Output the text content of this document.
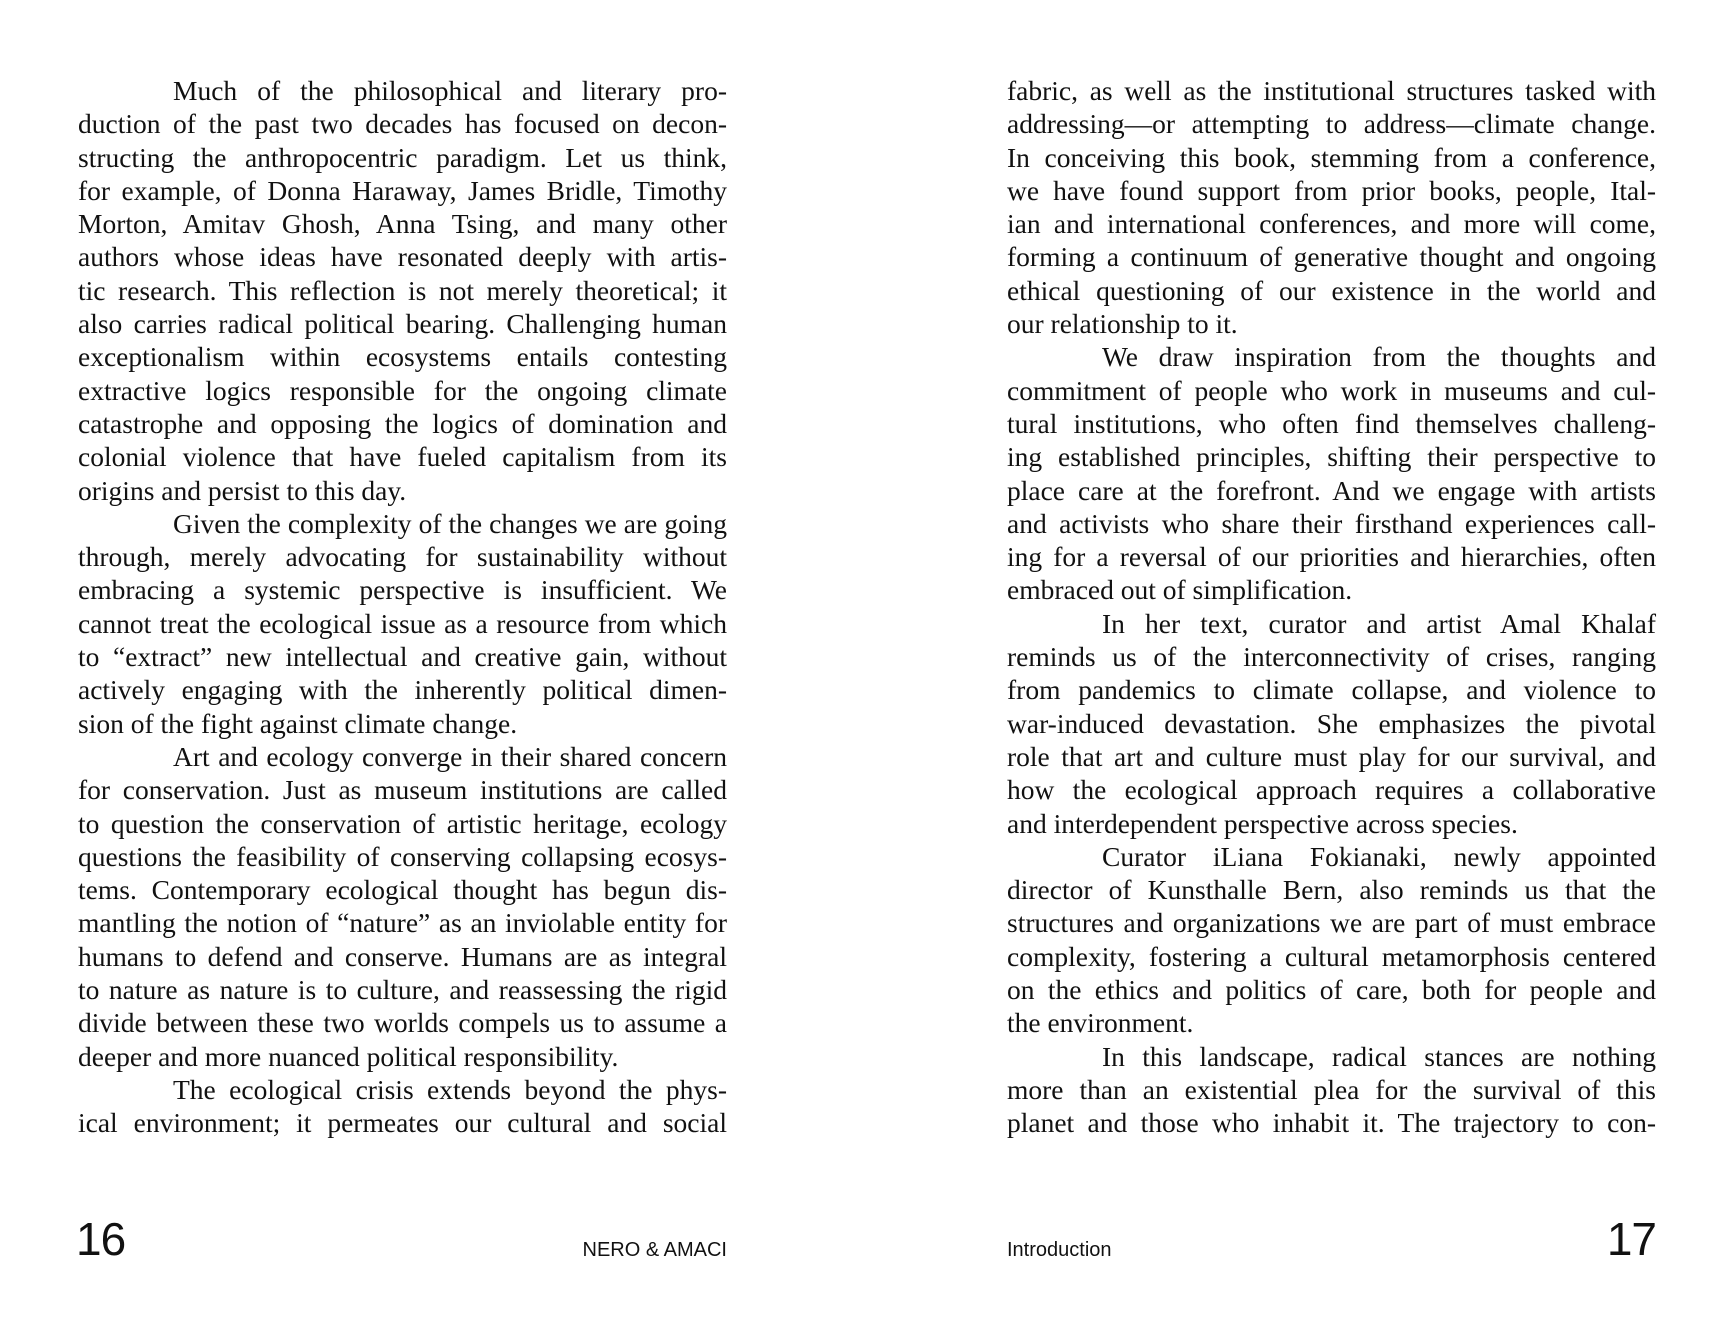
Much of the philosophical and literary pro-
duction of the past two decades has focused on decon-
structing the anthropocentric paradigm. Let us think,
for example, of Donna Haraway, James Bridle, Timothy
Morton, Amitav Ghosh, Anna Tsing, and many other
authors whose ideas have resonated deeply with artis-
tic research. This reflection is not merely theoretical; it
also carries radical political bearing. Challenging human
exceptionalism within ecosystems entails contesting
extractive logics responsible for the ongoing climate
catastrophe and opposing the logics of domination and
colonial violence that have fueled capitalism from its
origins and persist to this day.
Given the complexity of the changes we are going
through, merely advocating for sustainability without
embracing a systemic perspective is insufficient. We
cannot treat the ecological issue as a resource from which
to “extract” new intellectual and creative gain, without
actively engaging with the inherently political dimen-
sion of the fight against climate change.
Art and ecology converge in their shared concern
for conservation. Just as museum institutions are called
to question the conservation of artistic heritage, ecology
questions the feasibility of conserving collapsing ecosys-
tems. Contemporary ecological thought has begun dis-
mantling the notion of “nature” as an inviolable entity for
humans to defend and conserve. Humans are as integral
to nature as nature is to culture, and reassessing the rigid
divide between these two worlds compels us to assume a
deeper and more nuanced political responsibility.
The ecological crisis extends beyond the phys-
ical environment; it permeates our cultural and social
16	NERO & AMACI
fabric, as well as the institutional structures tasked with
addressing—or attempting to address—climate change.
In conceiving this book, stemming from a conference,
we have found support from prior books, people, Ital-
ian and international conferences, and more will come,
forming a continuum of generative thought and ongoing
ethical questioning of our existence in the world and
our relationship to it.
We draw inspiration from the thoughts and
commitment of people who work in museums and cul-
tural institutions, who often find themselves challeng-
ing established principles, shifting their perspective to
place care at the forefront. And we engage with artists
and activists who share their firsthand experiences call-
ing for a reversal of our priorities and hierarchies, often
embraced out of simplification.
In her text, curator and artist Amal Khalaf
reminds us of the interconnectivity of crises, ranging
from pandemics to climate collapse, and violence to
war-induced devastation. She emphasizes the pivotal
role that art and culture must play for our survival, and
how the ecological approach requires a collaborative
and interdependent perspective across species.
Curator iLiana Fokianaki, newly appointed
director of Kunsthalle Bern, also reminds us that the
structures and organizations we are part of must embrace
complexity, fostering a cultural metamorphosis centered
on the ethics and politics of care, both for people and
the environment.
In this landscape, radical stances are nothing
more than an existential plea for the survival of this
planet and those who inhabit it. The trajectory to con-
Introduction	17
